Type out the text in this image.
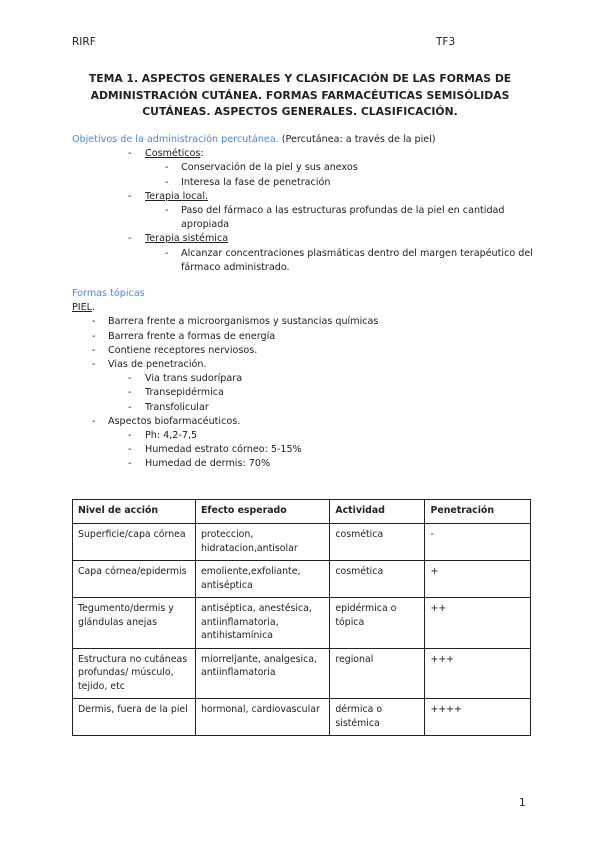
RIRF	TF3
TEMA 1. ASPECTOS GENERALES Y CLASIFICACIÓN DE LAS FORMAS DE
ADMINISTRACIÓN CUTÁNEA. FORMAS FARMACÉUTICAS SEMISÓLIDAS
CUTÁNEAS. ASPECTOS GENERALES. CLASIFICACIÓN.
Objetivos de la administración percutánea. (Percutánea: a través de la piel)
- Cosméticos:
- Conservación de la piel y sus anexos
- Interesa la fase de penetración
- Terapia local.
- Paso del fármaco a las estructuras profundas de la piel en cantidad apropiada
- Terapia sistémica
- Alcanzar concentraciones plasmáticas dentro del margen terapéutico del fármaco administrado.
Formas tópicas
PIEL.
- Barrera frente a microorganismos y sustancias químicas
- Barrera frente a formas de energía
- Contiene receptores nerviosos.
- Vias de penetración.
- Via trans sudorípara
- Transepidérmica
- Transfolicular
- Aspectos biofarmacéuticos.
- Ph: 4,2-7,5
- Humedad estrato córneo: 5-15%
- Humedad de dermis: 70%
Nivel de acción	Efecto esperado	Actividad	Penetración
Superficie/capa córnea	proteccion, hidratacion,antisolar	cosmética	-
Capa córnea/epidermis	emoliente,exfoliante, antiséptica	cosmética	+
Tegumento/dermis y glándulas anejas	antiséptica, anestésica, antiinflamatoria, antihistamínica	epidérmica o tópica	++
Estructura no cutáneas profundas/ músculo, tejido, etc	miorreljante, analgesica, antiinflamatoria	regional	+++
Dermis, fuera de la piel	hormonal, cardiovascular	dérmica o sistémica	++++
1
